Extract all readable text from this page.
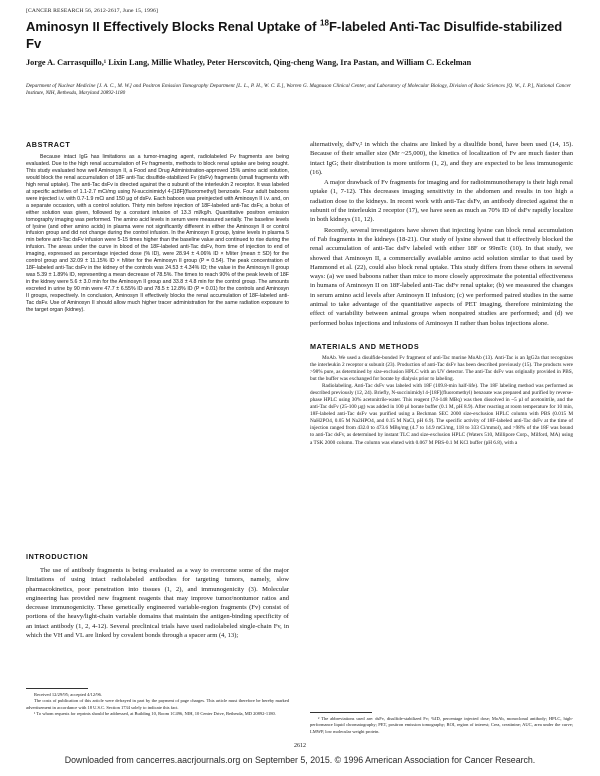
[CANCER RESEARCH 56, 2612-2617, June 15, 1996]
Aminosyn II Effectively Blocks Renal Uptake of $^{18}$F-labeled Anti-Tac Disulfide-stabilized Fv

Jorge A. Carrasquillo,¹ Lixin Lang, Millie Whatley, Peter Herscovitch, Qing-cheng Wang, Ira Pastan, and William C. Eckelman

Department of Nuclear Medicine [J. A. C., M. W.] and Positron Emission Tomography Department [L. L., P. H., W. C. E.], Warren G. Magnuson Clinical Center, and Laboratory of Molecular Biology, Division of Basic Sciences [Q. W., I. P.], National Cancer Institute, NIH, Bethesda, Maryland 20892-1180

ABSTRACT

Because intact IgG has limitations as a tumor-imaging agent, radiolabeled Fv fragments are being evaluated. Due to the high renal accumulation of Fv fragments, methods to block renal uptake are being sought. This study evaluated how well Aminosyn II, a Food and Drug Administration-approved 15% amino acid solution, would block the renal accumulation of 18F anti-Tac disulfide-stabilized Fv (dsFv) fragments (small fragments with high renal uptake). The anti-Tac dsFv is directed against the α subunit of the interleukin 2 receptor. It was labeled at specific activities of 1.1-2.7 mCi/mg using N-succinimidyl 4-[18F](fluoromethyl) benzoate. Four adult baboons were injected i.v. with 0.7-1.9 mCi and 150 µg of dsFv. Each baboon was preinjected with Aminosyn II i.v. and, on a separate occasion, with a control solution. Thirty min before injection of 18F-labeled anti-Tac dsFv, a bolus of either solution was given, followed by a constant infusion of 13.3 ml/kg/h. Quantitative positron emission tomography imaging was performed. The amino acid levels in serum were measured serially. The baseline levels of lysine (and other amino acids) in plasma were not significantly different in either the Aminosyn II or control infusion group and did not change during the control infusion. In the Aminosyn II group, lysine levels in plasma 5 min before anti-Tac dsFv infusion were 5-15 times higher than the baseline value and continued to rise during the infusion. The areas under the curve in blood of the 18F-labeled anti-Tac dsFv, from time of injection to end of imaging, expressed as percentage injected dose (% ID), were 28.94 ± 4.06% ID × h/liter (mean ± SD) for the control group and 32.09 ± 11.15% ID × h/liter for the Aminosyn II group (P = 0.54). The peak concentration of 18F-labeled anti-Tac dsFv in the kidney of the controls was 24.53 ± 4.34% ID; the value in the Aminosyn II group was 5.39 ± 1.89% ID, representing a mean decrease of 78.5%. The times to reach 90% of the peak levels of 18F in the kidney were 5.6 ± 3.0 min for the Aminosyn II group and 33.8 ± 4.8 min for the control group. The amounts excreted in urine by 90 min were 47.7 ± 6.55% ID and 78.5 ± 12.8% ID (P = 0.01) for the controls and Aminosyn II groups, respectively. In conclusion, Aminosyn II effectively blocks the renal accumulation of 18F-labeled anti-Tac dsFv. Use of Aminosyn II should allow much higher tracer administration for the same radiation exposure to the target organ (kidney).

INTRODUCTION

The use of antibody fragments is being evaluated as a way to overcome some of the major limitations of using intact radiolabeled antibodies for targeting tumors, namely, slow pharmacokinetics, poor penetration into tissues (1, 2), and immunogenicity (3). Molecular engineering has provided new fragment reagents that may improve tumor/nontumor ratios and decrease immunogenicity. These genetically engineered variable-region fragments (Fv) consist of portions of the heavy/light-chain variable domains that maintain the antigen-binding specificity of an intact antibody (1, 2, 4-12). Several preclinical trials have used radiolabeled single-chain Fv, in which the VH and VL are linked by covalent bonds through a spacer arm (4, 13);

Received 12/29/95; accepted 4/12/96.

The costs of publication of this article were defrayed in part by the payment of page charges. This article must therefore be hereby marked advertisement in accordance with 18 U.S.C. Section 1734 solely to indicate this fact.

¹ To whom requests for reprints should be addressed, at Building 10, Room 1C496, NIH, 10 Center Drive, Bethesda, MD 20892-1180.

alternatively, dsFv,² in which the chains are linked by a disulfide bond, have been used (14, 15). Because of their smaller size (Mr ~25,000), the kinetics of localization of Fv are much faster than intact IgG; their distribution is more uniform (1, 2), and they are expected to be less immunogenic (16).

A major drawback of Fv fragments for imaging and for radioimmunotherapy is their high renal uptake (1, 7-12). This decreases imaging sensitivity in the abdomen and results in too high a radiation dose to the kidneys. In recent work with anti-Tac dsFv, an antibody directed against the α subunit of the interleukin 2 receptor (17), we have seen as much as 70% ID of dsFv rapidly localize in both kidneys (11, 12).

Recently, several investigators have shown that injecting lysine can block renal accumulation of Fab fragments in the kidneys (18-21). Our study of lysine showed that it effectively blocked the renal accumulation of anti-Tac dsFv labeled with either 18F or 99mTc (10). In that study, we showed that Aminosyn II, a commercially available amino acid solution similar to that used by Hammond et al. (22), could also block renal uptake. This study differs from these others in several ways: (a) we used baboons rather than mice to more closely approximate the potential effectiveness in humans of Aminosyn II on 18F-labeled anti-Tac dsFv renal uptake; (b) we measured the changes in serum amino acid levels after Aminosyn II infusion; (c) we performed paired studies in the same animal to take advantage of the quantitative aspects of PET imaging, therefore minimizing the effect of variability between animal groups when nonpaired studies are performed; and (d) we performed bolus injections and infusions of Aminosyn II rather than bolus injections alone.

MATERIALS AND METHODS

MoAb. We used a disulfide-bonded Fv fragment of anti-Tac murine MoAb (13). Anti-Tac is an IgG2a that recognizes the interleukin 2 receptor α subunit (23). Production of anti-Tac dsFv has been described previously (15). The products were >98% pure, as determined by size-exclusion HPLC with an UV detector. The anti-Tac dsFv was originally provided in PBS, but the buffer was exchanged for borate by dialysis prior to labeling.

Radiolabeling. Anti-Tac dsFv was labeled with 18F (109.8-min half-life). The 18F labeling method was performed as described previously (12, 24). Briefly, N-succinimidyl 4-[18F](fluoromethyl) benzoate was prepared and purified by reverse-phase HPLC using 30% acetonitrile-water. This reagent (74-148 MBq) was then dissolved in ~5 µl of acetonitrile, and the anti-Tac dsFv (25-100 µg) was added in 100 µl borate buffer (0.1 M, pH 8.9). After reacting at room temperature for 10 min, 18F-labeled anti-Tac dsFv was purified using a Beckman SEC 2000 size-exclusion HPLC column with PBS (0.015 M NaH2PO4, 0.05 M Na2HPO4, and 0.15 M NaCl, pH 6.9). The specific activity of 18F-labeled anti-Tac dsFv at the time of injection ranged from 432.0 to 473.6 MBq/mg (4.7 to 14.9 mCi/mg, 118 to 333 Ci/mmol), and >98% of the 18F was bound to anti-Tac dsFv, as determined by instant TLC and size-exclusion HPLC (Waters 510, Millipore Corp., Milford, MA) using a TSK 2000 column. The column was eluted with 0.067 M PBS-0.1 M KCl buffer (pH 6.8), with a

² The abbreviations used are: dsFv, disulfide-stabilized Fv; %ID, percentage injected dose; MoAb, monoclonal antibody; HPLC, high-performance liquid chromatography; PET, positron emission tomography; ROI, region of interest; Crea, creatinine; AUC, area under the curve; LMWP, low molecular weight protein.

2612
Downloaded from cancerres.aacrjournals.org on September 5, 2015. © 1996 American Association for Cancer Research.
